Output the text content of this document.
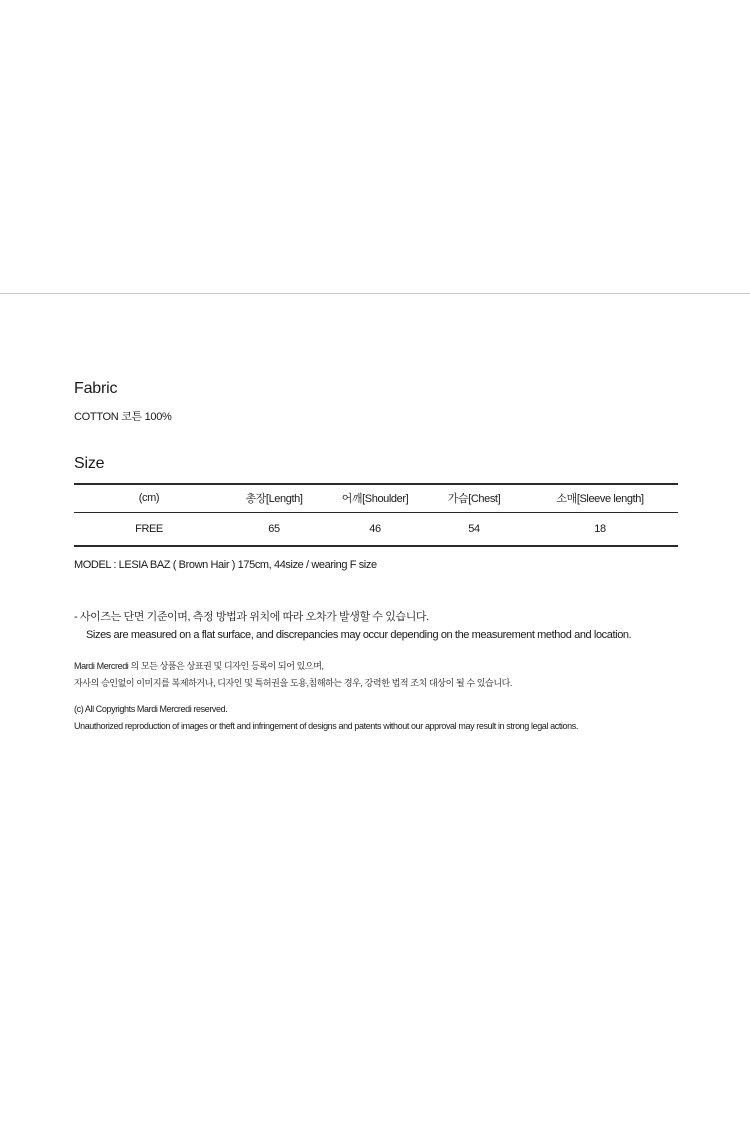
Fabric
COTTON 코튼 100%
Size
(cm)	총장[Length]	어깨[Shoulder]	가슴[Chest]	소매[Sleeve length]
FREE	65	46	54	18
MODEL : LESIA BAZ ( Brown Hair ) 175cm, 44size / wearing F size
- 사이즈는 단면 기준이며, 측정 방법과 위치에 따라 오차가 발생할 수 있습니다.
Sizes are measured on a flat surface, and discrepancies may occur depending on the measurement method and location.
Mardi Mercredi 의 모든 상품은 상표권 및 디자인 등록이 되어 있으며,
자사의 승인없이 이미지를 복제하거나, 디자인 및 특허권을 도용,침해하는 경우, 강력한 법적 조치 대상이 될 수 있습니다.
(c) All Copyrights Mardi Mercredi reserved.
Unauthorized reproduction of images or theft and infringement of designs and patents without our approval may result in strong legal actions.
